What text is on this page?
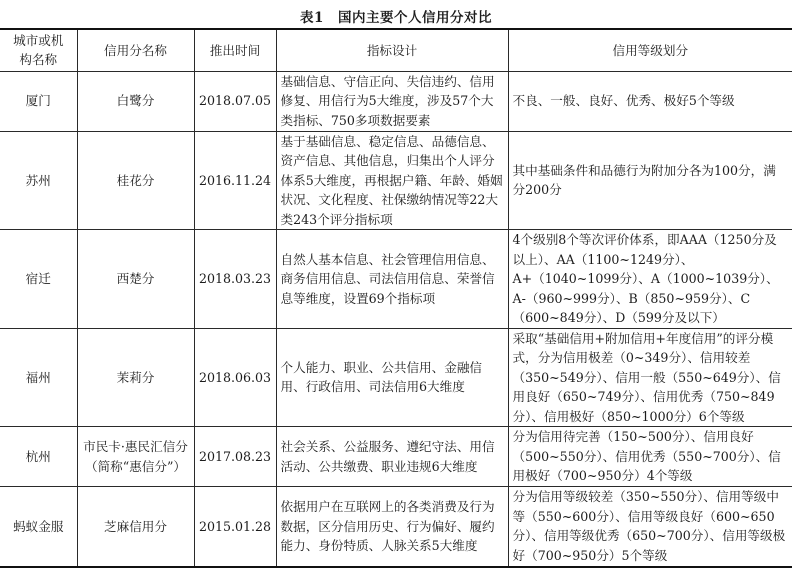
表1　国内主要个人信用分对比
城市或机构名称	信用分名称	推出时间	指标设计	信用等级划分
厦门	白鹭分	2018.07.05	基础信息、守信正向、失信违约、信用修复、用信行为5大维度，涉及57个大类指标、750多项数据要素	不良、一般、良好、优秀、极好5个等级
苏州	桂花分	2016.11.24	基于基础信息、稳定信息、品德信息、资产信息、其他信息，归集出个人评分体系5大维度，再根据户籍、年龄、婚姻状况、文化程度、社保缴纳情况等22大类243个评分指标项	其中基础条件和品德行为附加分各为100分，满分200分
宿迁	西楚分	2018.03.23	自然人基本信息、社会管理信用信息、商务信用信息、司法信用信息、荣誉信息等维度，设置69个指标项	4个级别8个等次评价体系，即AAA（1250分及以上）、AA（1100~1249分）、A+（1040~1099分）、A（1000~1039分）、A-（960~999分）、B（850~959分）、C（600~849分）、D（599分及以下）
福州	茉莉分	2018.06.03	个人能力、职业、公共信用、金融信用、行政信用、司法信用6大维度	采取“基础信用+附加信用+年度信用”的评分模式，分为信用极差（0~349分）、信用较差（350~549分）、信用一般（550~649分）、信用良好（650~749分）、信用优秀（750~849分）、信用极好（850~1000分）6个等级
杭州	市民卡·惠民汇信分（简称“惠信分”）	2017.08.23	社会关系、公益服务、遵纪守法、用信活动、公共缴费、职业违规6大维度	分为信用待完善（150~500分）、信用良好（500~550分）、信用优秀（550~700分）、信用极好（700~950分）4个等级
蚂蚁金服	芝麻信用分	2015.01.28	依据用户在互联网上的各类消费及行为数据，区分信用历史、行为偏好、履约能力、身份特质、人脉关系5大维度	分为信用等级较差（350~550分）、信用等级中等（550~600分）、信用等级良好（600~650分）、信用等级优秀（650~700分）、信用等级极好（700~950分）5个等级
